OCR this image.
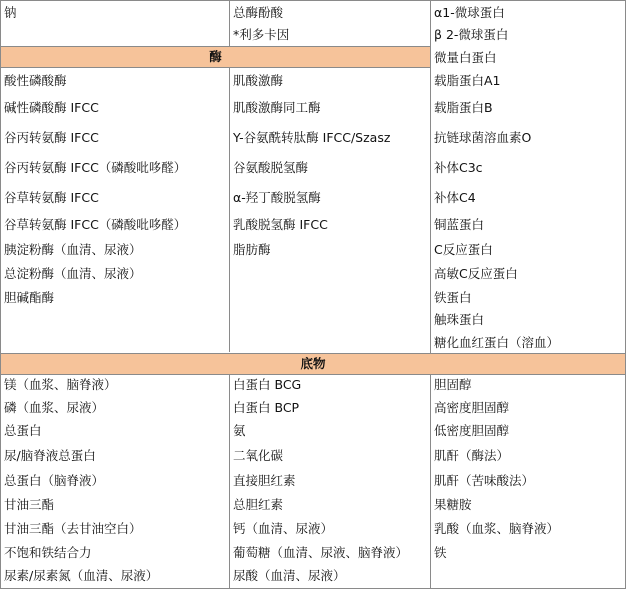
钠	总酶酚酸
*利多卡因
α1-微球蛋白
β 2-微球蛋白
酶
酸性磷酸酶
碱性磷酸酶 IFCC
谷丙转氨酶 IFCC
谷丙转氨酶 IFCC（磷酸吡哆醛）
谷草转氨酶 IFCC
谷草转氨酶 IFCC（磷酸吡哆醛）
胰淀粉酶（血清、尿液）
总淀粉酶（血清、尿液）
胆碱酯酶
肌酸激酶
肌酸激酶同工酶
Y-谷氨酰转肽酶 IFCC/Szasz
谷氨酸脱氢酶
α-羟丁酸脱氢酶
乳酸脱氢酶 IFCC
脂肪酶
微量白蛋白
载脂蛋白A1
载脂蛋白B
抗链球菌溶血素O
补体C3c
补体C4
铜蓝蛋白
C反应蛋白
高敏C反应蛋白
铁蛋白
触珠蛋白
糖化血红蛋白（溶血）
底物
镁（血浆、脑脊液）
磷（血浆、尿液）
总蛋白
尿/脑脊液总蛋白
总蛋白（脑脊液）
甘油三酯
甘油三酯（去甘油空白）
不饱和铁结合力
尿素/尿素氮（血清、尿液）
白蛋白 BCG
白蛋白 BCP
氨
二氧化碳
直接胆红素
总胆红素
钙（血清、尿液）
葡萄糖（血清、尿液、脑脊液）
尿酸（血清、尿液）
胆固醇
高密度胆固醇
低密度胆固醇
肌酐（酶法）
肌酐（苦味酸法）
果糖胺
乳酸（血浆、脑脊液）
铁
